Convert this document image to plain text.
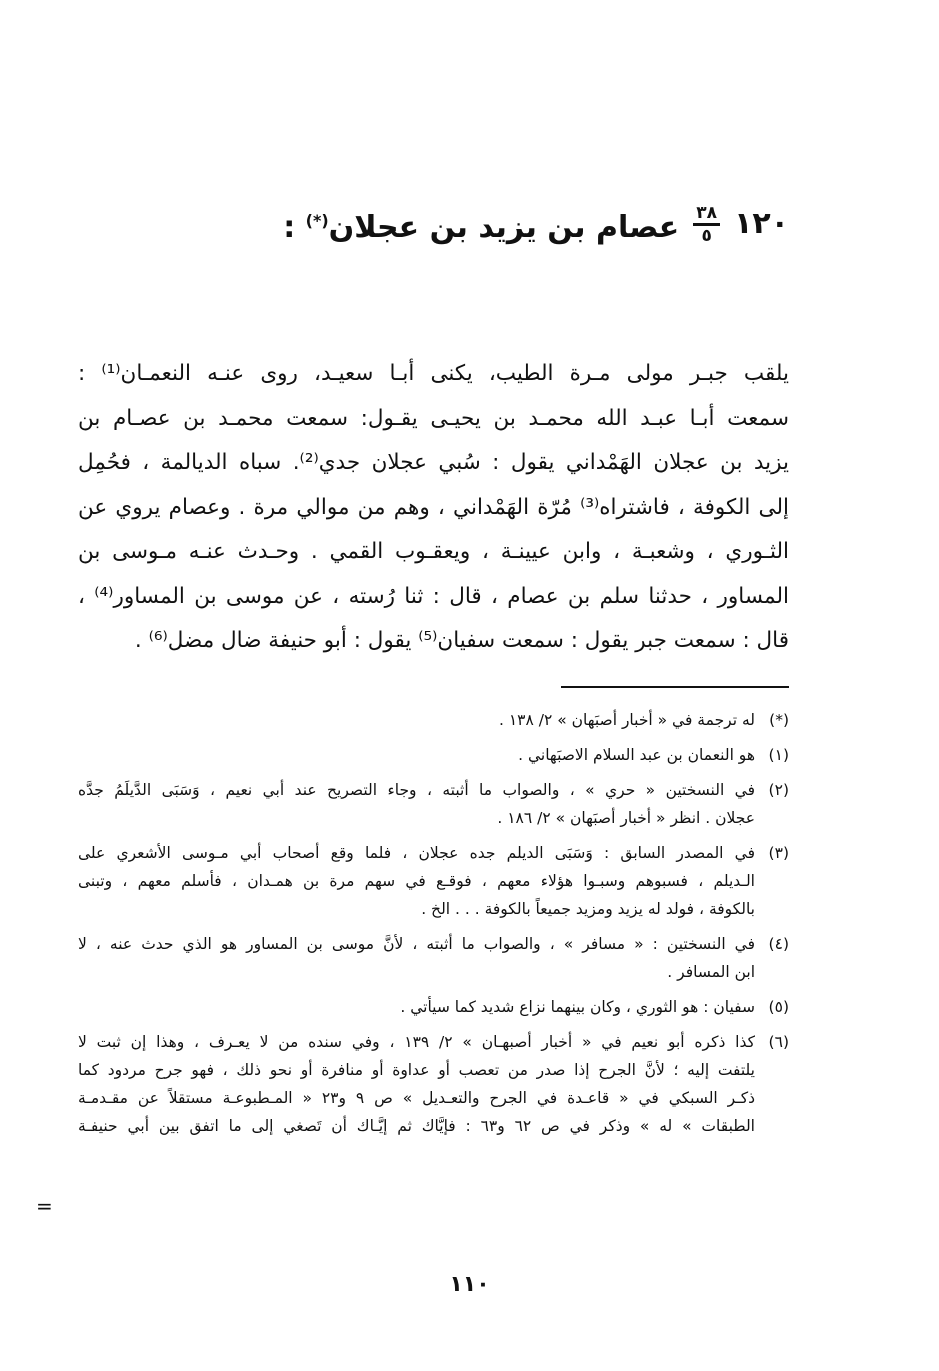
١٢٠
$\frac{٣٨}{٥}$
عصام بن يزيد بن عجلان(*) :
يلقب جبـر مولى مـرة الطيب، يكنى أبـا سعيـد، روى عنـه النعمـان⁽¹⁾ :
سمعت أبـا عبـد الله محمـد بن يحيـى يقـول: سمعت محمـد بن عصـام بن
يزيد بن عجلان الهَمْداني يقول : سُبي عجلان جدي⁽²⁾. سباه الديالمة ، فحُمِل
إلى الكوفة ، فاشتراه⁽³⁾ مُرّة الهَمْداني ، وهم من موالي مرة . وعصام يروي عن
الثـوري ، وشعبـة ، وابن عيينـة ، ويعقـوب القمي . وحـدث عنـه مـوسى بن
المساور ، حدثنا سلم بن عصام ، قال : ثنا رُسته ، عن موسى بن المساور⁽⁴⁾ ،
قال : سمعت جبر يقول : سمعت سفيان⁽⁵⁾ يقول : أبو حنيفة ضال مضل⁽⁶⁾ .
(*)
له ترجمة في « أخبار أصبَهان » ٢/ ١٣٨ .
(١)
هو النعمان بن عبد السلام الاصبَهاني .
(٢)
في النسختين « حري » ، والصواب ما أثبته ، وجاء التصريح عند أبي نعيم ، وَسَبَى الدَّيلَمُ جدَّه
عجلان . انظر « أخبار أصبَهان » ٢/ ١٨٦ .
(٣)
في المصدر السابق : وَسَبَى الديلم جده عجلان ، فلما وقع أصحاب أبي مـوسى الأشعري على
الـديلم ، فسبوهم وسبـوا هؤلاء معهم ، فوقـع في سهم مرة بن همـدان ، فأسلم معهم ، وتبنى
بالكوفة ، فولد له يزيد ومزيد جميعاً بالكوفة . . . الخ .
(٤)
في النسختين : « مسافر » ، والصواب ما أثبته ، لأنَّ موسى بن المساور هو الذي حدث عنه ، لا
ابن المسافر .
(٥)
سفيان : هو الثوري ، وكان بينهما نزاع شديد كما سيأتي .
(٦)
كذا ذكره أبو نعيم في « أخبار أصبهـان » ٢/ ١٣٩ ، وفي سنده من لا يعـرف ، وهذا إن ثبت لا
يلتفت إليه ؛ لأنَّ الجرح إذا صدر من تعصب أو عداوة أو منافرة أو نحو ذلك ، فهو جرح مردود كما
ذكـر السبكي في « قاعـدة في الجرح والتعـديل » ص ٩ و٢٣ « المـطبوعـة مستقلاً عن مقـدمـة
الطبقات » له » وذكر في ص ٦٢ و٦٣ : فإيَّاك ثم إيَّـاك أن تَصغي إلى ما اتفق بين أبي حنيفـة
=
١١٠
